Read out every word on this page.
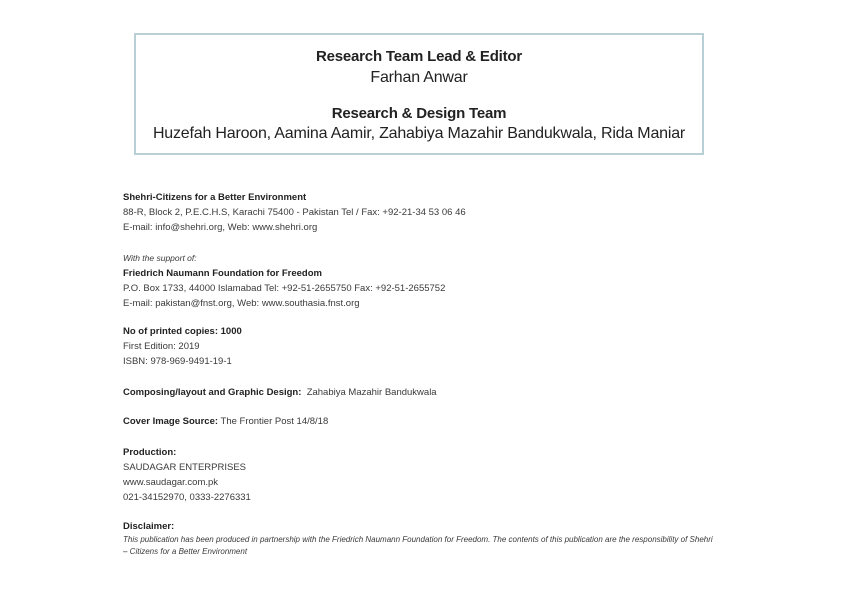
Research Team Lead & Editor
Farhan Anwar
Research & Design Team
Huzefah Haroon, Aamina Aamir, Zahabiya Mazahir Bandukwala, Rida Maniar
Shehri-Citizens for a Better Environment
88-R, Block 2, P.E.C.H.S, Karachi 75400 - Pakistan Tel / Fax: +92-21-34 53 06 46
E-mail: info@shehri.org, Web: www.shehri.org
With the support of:
Friedrich Naumann Foundation for Freedom
P.O. Box 1733, 44000 Islamabad Tel: +92-51-2655750 Fax: +92-51-2655752
E-mail: pakistan@fnst.org, Web: www.southasia.fnst.org
No of printed copies: 1000
First Edition: 2019
ISBN: 978-969-9491-19-1
Composing/layout and Graphic Design: Zahabiya Mazahir Bandukwala
Cover Image Source: The Frontier Post 14/8/18
Production:
SAUDAGAR ENTERPRISES
www.saudagar.com.pk
021-34152970, 0333-2276331
Disclaimer:
This publication has been produced in partnership with the Friedrich Naumann Foundation for Freedom. The contents of this publication are the responsibility of Shehri – Citizens for a Better Environment
